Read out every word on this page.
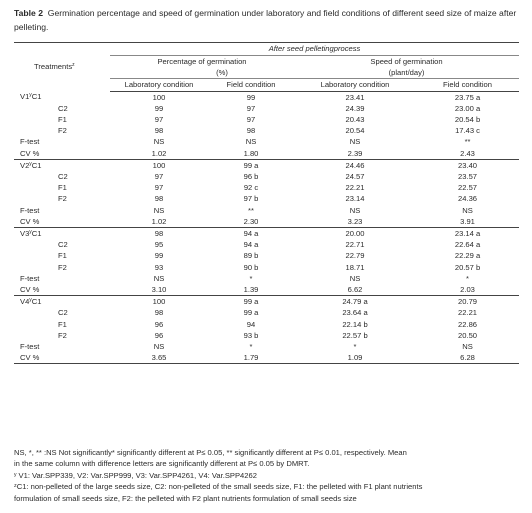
Table 2 Germination percentage and speed of germination under laboratory and field conditions of different seed size of maize after pelleting.
Treatments$^z$	After seed pelletingprocess			
	Percentage of germination		Speed of germination	
	(%)		(plant/day)	
	Laboratory condition	Field condition	Laboratory condition	Field condition
V1$^y$C1	100	99	23.41	23.75 a
C2	99	97	24.39	23.00 a
F1	97	97	20.43	20.54 b
F2	98	98	20.54	17.43 c
F-test	NS	NS	NS	**
CV %	1.02	1.80	2.39	2.43
V2$^y$C1	100	99 a	24.46	23.40
C2	97	96 b	24.57	23.57
F1	97	92 c	22.21	22.57
F2	98	97 b	23.14	24.36
F-test	NS	**	NS	NS
CV %	1.02	2.30	3.23	3.91
V3$^y$C1	98	94 a	20.00	23.14 a
C2	95	94 a	22.71	22.64 a
F1	99	89 b	22.79	22.29 a
F2	93	90 b	18.71	20.57 b
F-test	NS	*	NS	*
CV %	3.10	1.39	6.62	2.03
V4$^y$C1	100	99 a	24.79 a	20.79
C2	98	99 a	23.64 a	22.21
F1	96	94	22.14 b	22.86
F2	96	93 b	22.57 b	20.50
F-test	NS	*	*	NS
CV %	3.65	1.79	1.09	6.28
NS, *, ** :NS Not significantly* significantly different at P≤ 0.05, ** significantly different at P≤ 0.01, respectively. Mean
in the same column with difference letters are significantly different at P≤ 0.05 by DMRT.
ʸ V1: Var.SPP339, V2: Var.SPP999, V3: Var.SPP4261, V4: Var.SPP4262
ᶻC1: non-pelleted of the large seeds size, C2: non-pelleted of the small seeds size, F1: the pelleted with F1 plant nutrients
formulation of small seeds size, F2: the pelleted with F2 plant nutrients formulation of small seeds size
